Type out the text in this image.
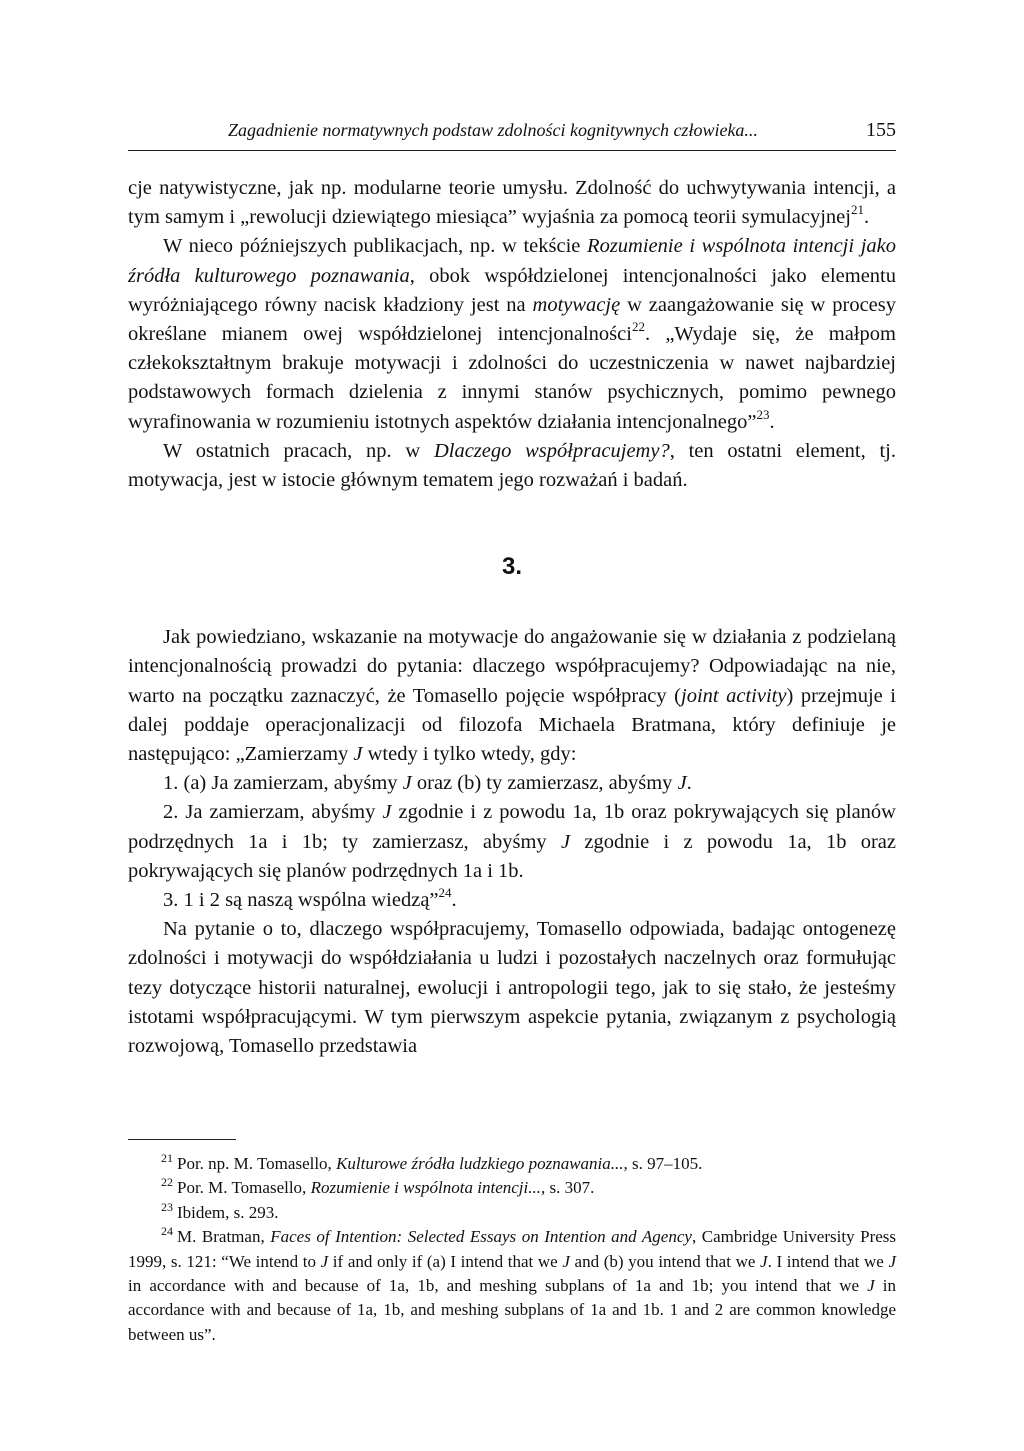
Zagadnienie normatywnych podstaw zdolności kognitywnych człowieka...	155

cje natywistyczne, jak np. modularne teorie umysłu. Zdolność do uchwytywania intencji, a tym samym i „rewolucji dziewiątego miesiąca” wyjaśnia za pomocą teorii symulacyjnej$^{21}$.

W nieco późniejszych publikacjach, np. w tekście Rozumienie i wspólnota intencji jako źródła kulturowego poznawania, obok współdzielonej intencjonalności jako elementu wyróżniającego równy nacisk kładziony jest na motywację w zaangażowanie się w procesy określane mianem owej współdzielonej intencjonalności$^{22}$. „Wydaje się, że małpom człekokształtnym brakuje motywacji i zdolności do uczestniczenia w nawet najbardziej podstawowych formach dzielenia z innymi stanów psychicznych, pomimo pewnego wyrafinowania w rozumieniu istotnych aspektów działania intencjonalnego”$^{23}$.

W ostatnich pracach, np. w Dlaczego współpracujemy?, ten ostatni element, tj. motywacja, jest w istocie głównym tematem jego rozważań i badań.

3.

Jak powiedziano, wskazanie na motywacje do angażowanie się w działania z podzielaną intencjonalnością prowadzi do pytania: dlaczego współpracujemy? Odpowiadając na nie, warto na początku zaznaczyć, że Tomasello pojęcie współpracy (joint activity) przejmuje i dalej poddaje operacjonalizacji od filozofa Michaela Bratmana, który definiuje je następująco: „Zamierzamy J wtedy i tylko wtedy, gdy:

1. (a) Ja zamierzam, abyśmy J oraz (b) ty zamierzasz, abyśmy J.

2. Ja zamierzam, abyśmy J zgodnie i z powodu 1a, 1b oraz pokrywających się planów podrzędnych 1a i 1b; ty zamierzasz, abyśmy J zgodnie i z powodu 1a, 1b oraz pokrywających się planów podrzędnych 1a i 1b.

3. 1 i 2 są naszą wspólna wiedzą”$^{24}$.

Na pytanie o to, dlaczego współpracujemy, Tomasello odpowiada, badając ontogenezę zdolności i motywacji do współdziałania u ludzi i pozostałych naczelnych oraz formułując tezy dotyczące historii naturalnej, ewolucji i antropologii tego, jak to się stało, że jesteśmy istotami współpracującymi. W tym pierwszym aspekcie pytania, związanym z psychologią rozwojową, Tomasello przedstawia

$^{21}$ Por. np. M. Tomasello, Kulturowe źródła ludzkiego poznawania..., s. 97–105.

$^{22}$ Por. M. Tomasello, Rozumienie i wspólnota intencji..., s. 307.

$^{23}$ Ibidem, s. 293.

$^{24}$ M. Bratman, Faces of Intention: Selected Essays on Intention and Agency, Cambridge University Press 1999, s. 121: “We intend to J if and only if (a) I intend that we J and (b) you intend that we J. I intend that we J in accordance with and because of 1a, 1b, and meshing subplans of 1a and 1b; you intend that we J in accordance with and because of 1a, 1b, and meshing subplans of 1a and 1b. 1 and 2 are common knowledge between us”.
